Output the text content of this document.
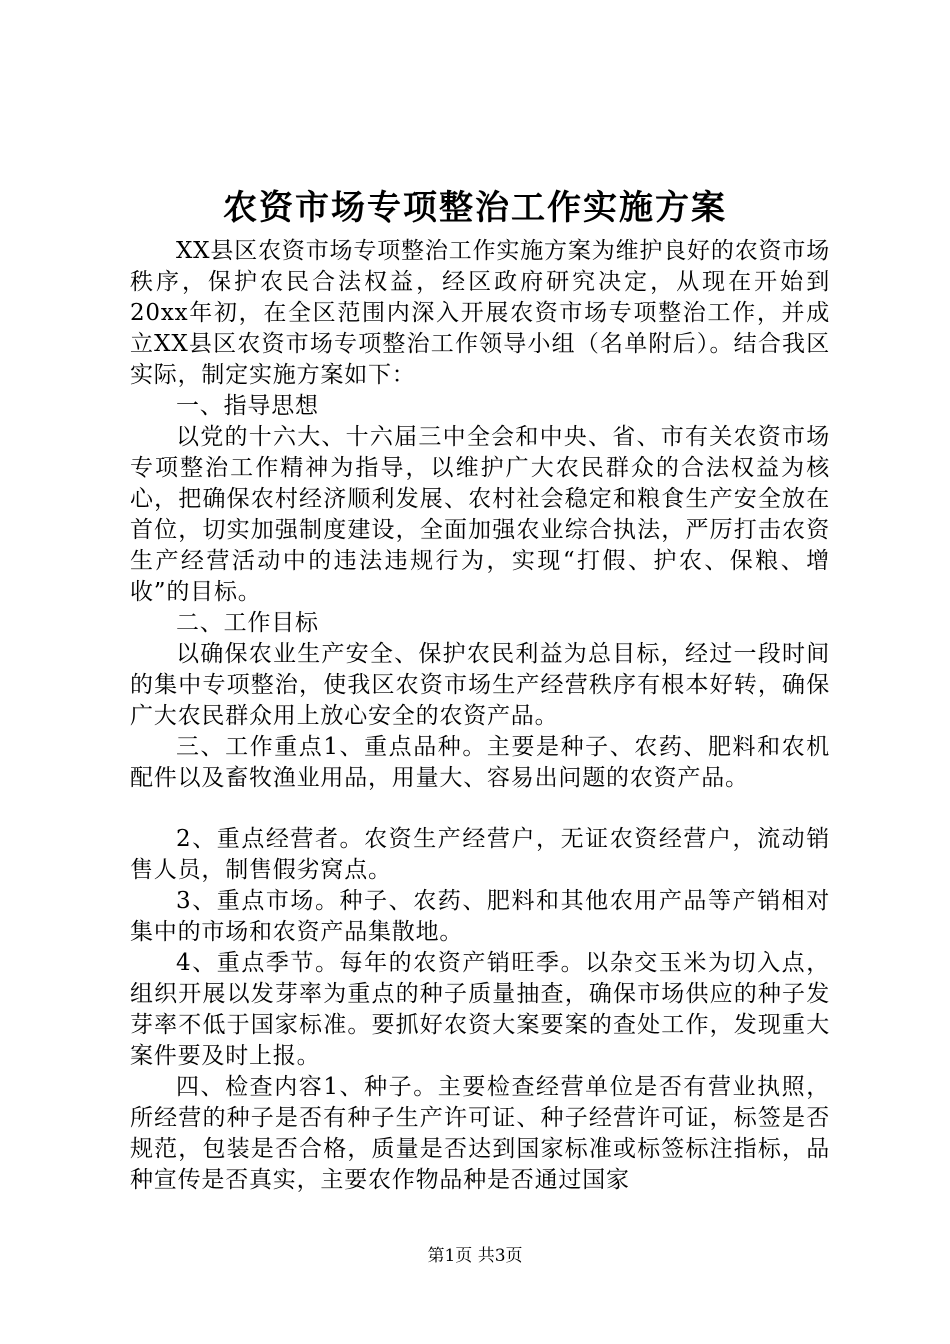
农资市场专项整治工作实施方案

XX县区农资市场专项整治工作实施方案为维护良好的农资市场秩序，保护农民合法权益，经区政府研究决定，从现在开始到20xx年初，在全区范围内深入开展农资市场专项整治工作，并成立XX县区农资市场专项整治工作领导小组（名单附后）。结合我区实际，制定实施方案如下：

一、指导思想

以党的十六大、十六届三中全会和中央、省、市有关农资市场专项整治工作精神为指导，以维护广大农民群众的合法权益为核心，把确保农村经济顺利发展、农村社会稳定和粮食生产安全放在首位，切实加强制度建设，全面加强农业综合执法，严厉打击农资生产经营活动中的违法违规行为，实现“打假、护农、保粮、增收”的目标。

二、工作目标

以确保农业生产安全、保护农民利益为总目标，经过一段时间的集中专项整治，使我区农资市场生产经营秩序有根本好转，确保广大农民群众用上放心安全的农资产品。

三、工作重点1、重点品种。主要是种子、农药、肥料和农机配件以及畜牧渔业用品，用量大、容易出问题的农资产品。

2、重点经营者。农资生产经营户，无证农资经营户，流动销售人员，制售假劣窝点。

3、重点市场。种子、农药、肥料和其他农用产品等产销相对集中的市场和农资产品集散地。

4、重点季节。每年的农资产销旺季。以杂交玉米为切入点，组织开展以发芽率为重点的种子质量抽查，确保市场供应的种子发芽率不低于国家标准。要抓好农资大案要案的查处工作，发现重大案件要及时上报。

四、检查内容1、种子。主要检查经营单位是否有营业执照，所经营的种子是否有种子生产许可证、种子经营许可证，标签是否规范，包装是否合格，质量是否达到国家标准或标签标注指标，品种宣传是否真实，主要农作物品种是否通过国家

第1页 共3页
